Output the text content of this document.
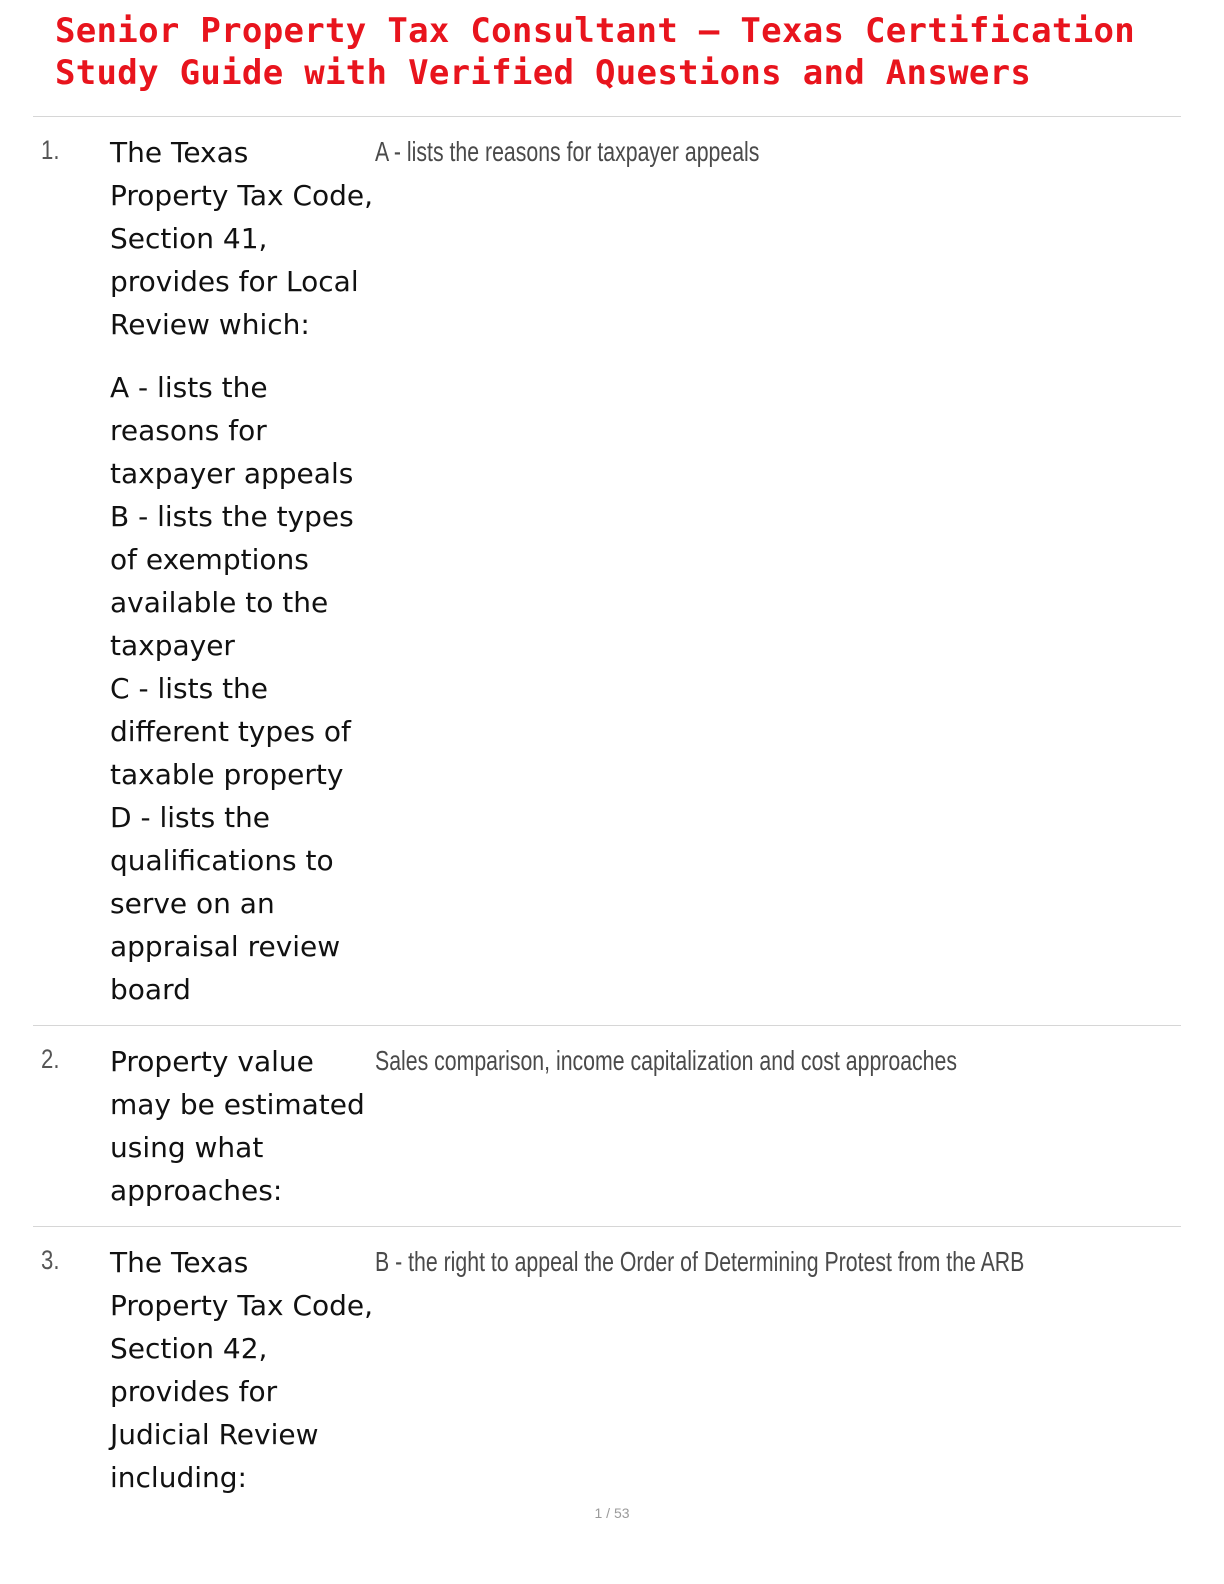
Senior Property Tax Consultant – Texas Certification Study Guide with Verified Questions and Answers
1. The Texas Property Tax Code, Section 41, provides for Local Review which:

A - lists the reasons for taxpayer appeals

B - lists the types of exemptions available to the taxpayer

C - lists the different types of taxable property

D - lists the qualifications to serve on an appraisal review board

A - lists the reasons for taxpayer appeals
2. Property value may be estimated using what approaches:

Sales comparison, income capitalization and cost approaches
3. The Texas Property Tax Code, Section 42, provides for Judicial Review including:

B - the right to appeal the Order of Determining Protest from the ARB
1 / 53
